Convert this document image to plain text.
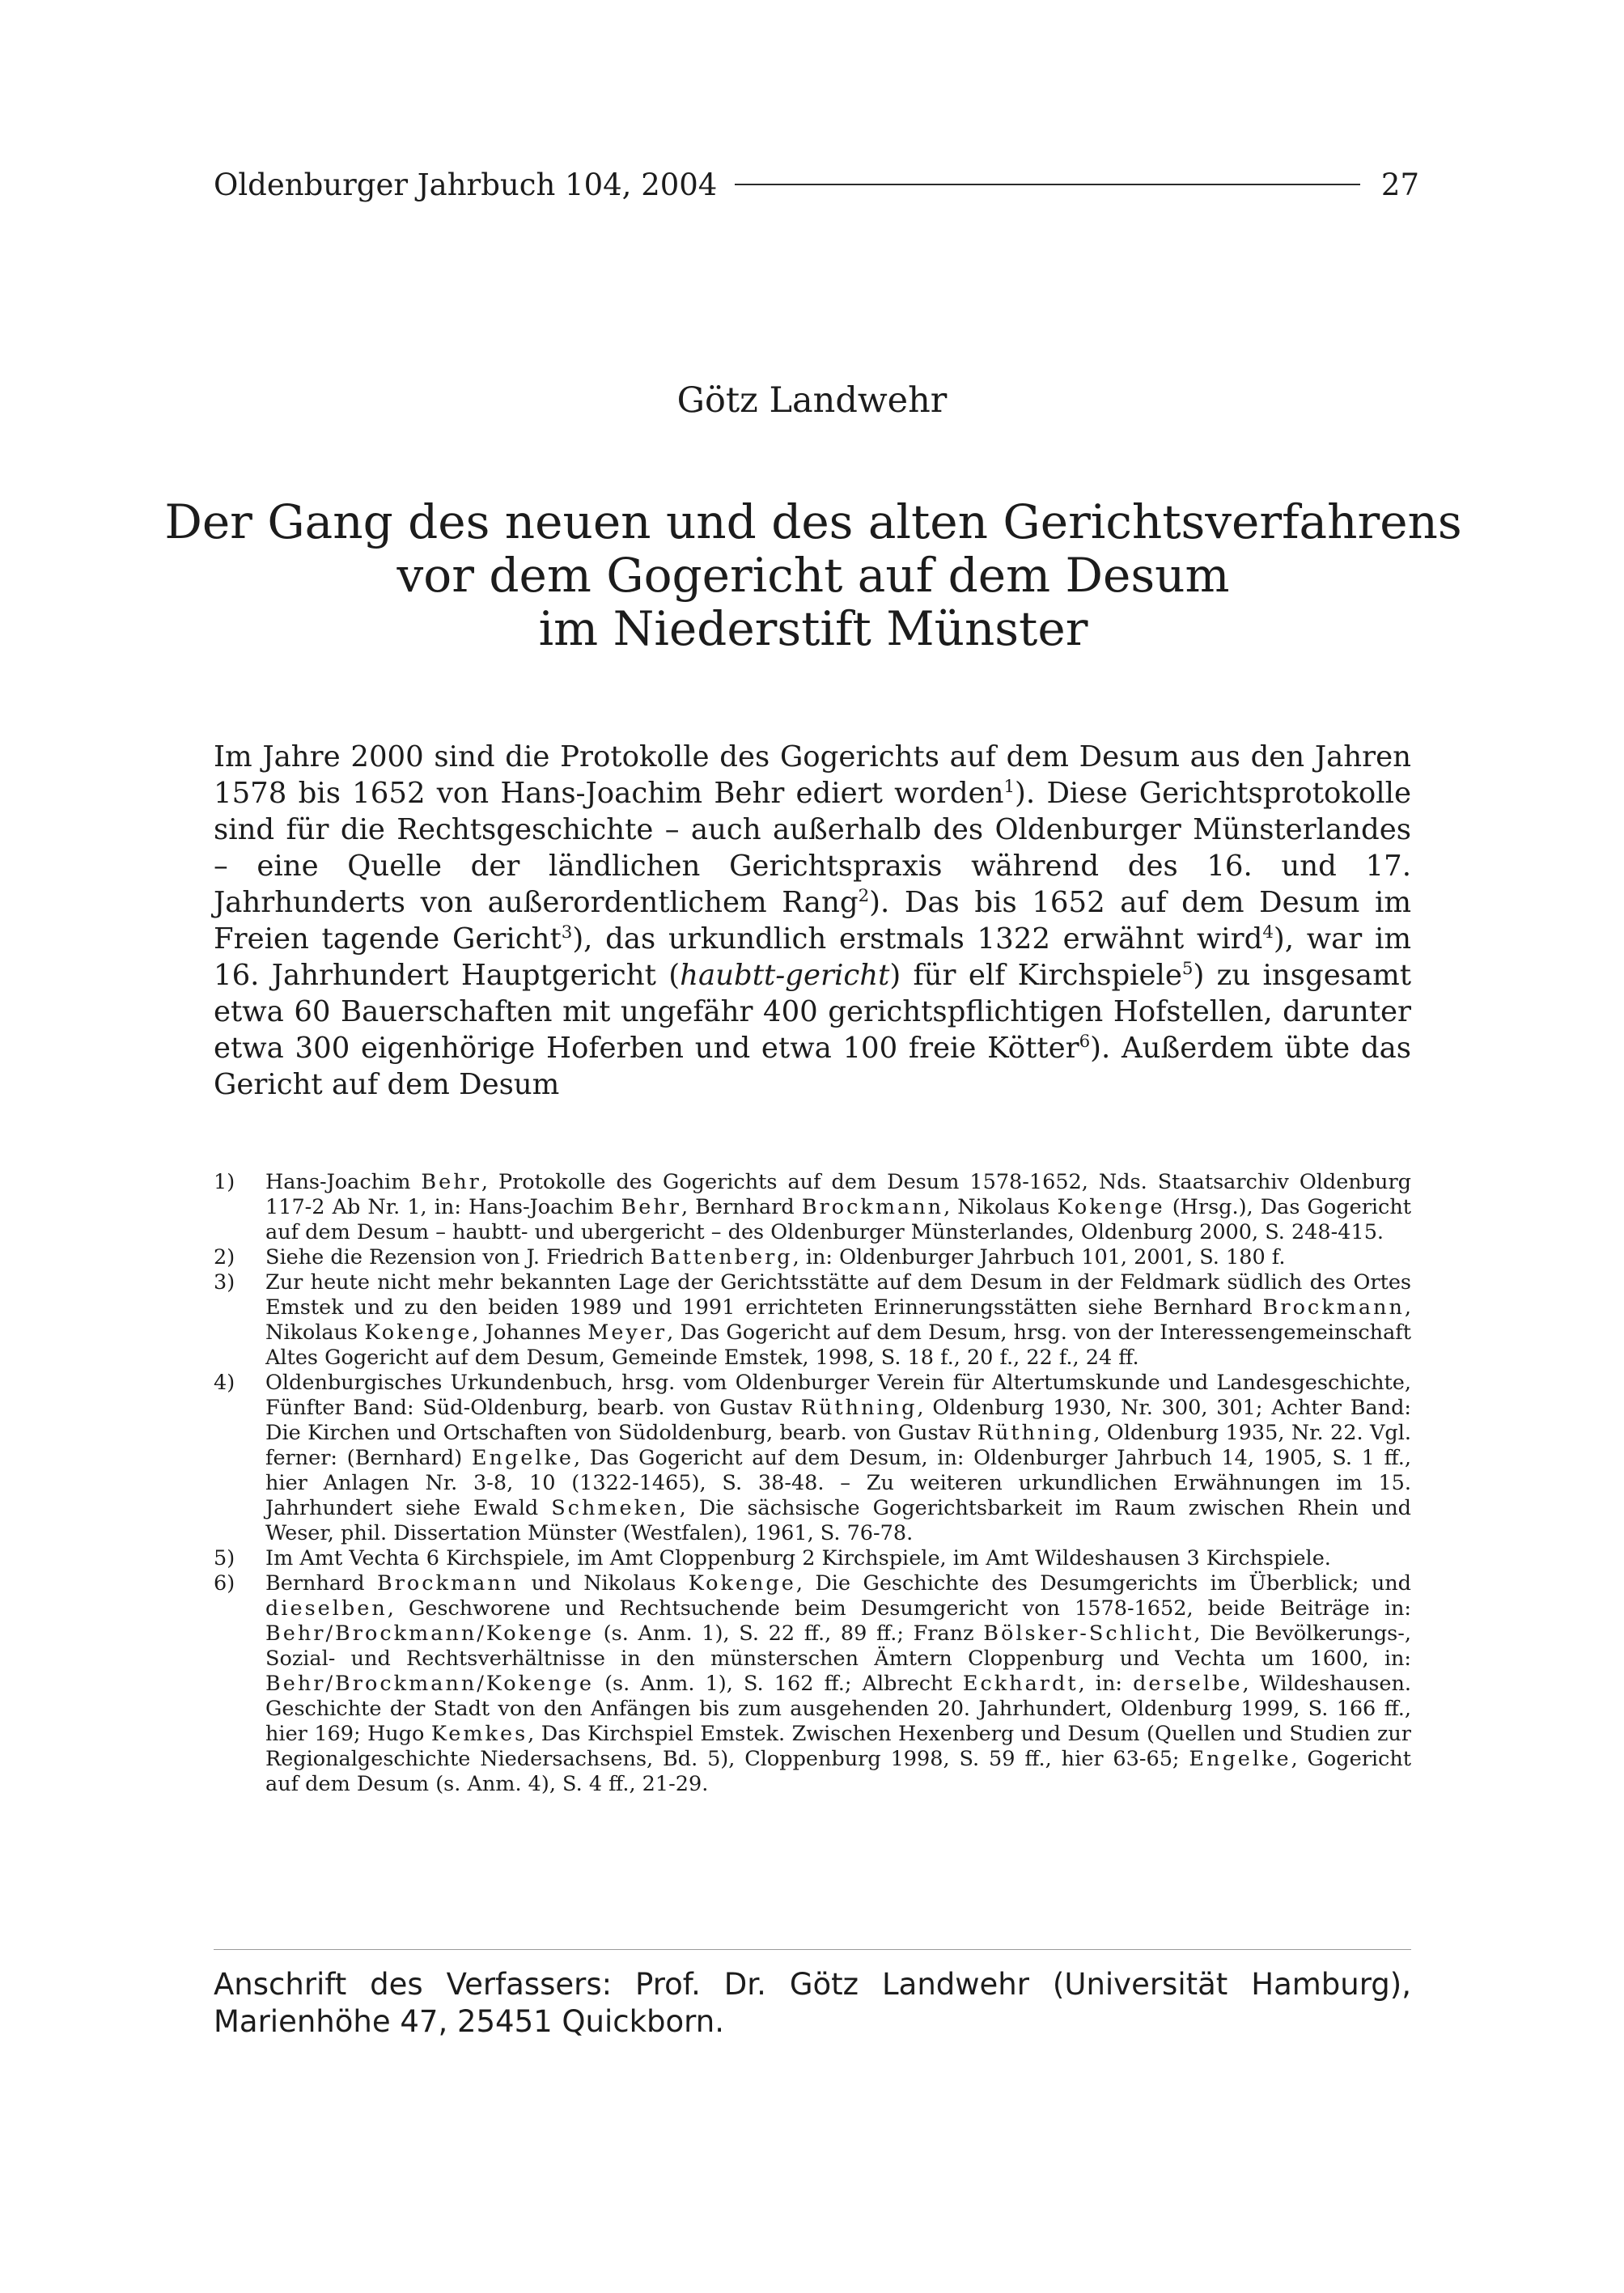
Oldenburger Jahrbuch 104, 2004	27
Götz Landwehr
Der Gang des neuen und des alten Gerichtsverfahrens
vor dem Gogericht auf dem Desum
im Niederstift Münster

Im Jahre 2000 sind die Protokolle des Gogerichts auf dem Desum aus den Jahren 1578 bis 1652 von Hans-Joachim Behr ediert worden$^1$). Diese Gerichtsprotokolle sind für die Rechtsgeschichte – auch außerhalb des Oldenburger Münsterlandes – eine Quelle der ländlichen Gerichtspraxis während des 16. und 17. Jahrhunderts von außerordentlichem Rang$^2$). Das bis 1652 auf dem Desum im Freien tagende Gericht$^3$), das urkundlich erstmals 1322 erwähnt wird$^4$), war im 16. Jahrhundert Hauptgericht (haubtt-gericht) für elf Kirchspiele$^5$) zu insgesamt etwa 60 Bauerschaften mit ungefähr 400 gerichtspflichtigen Hofstellen, darunter etwa 300 eigenhörige Hoferben und etwa 100 freie Kötter$^6$). Außerdem übte das Gericht auf dem Desum

1)	Hans-Joachim Behr, Protokolle des Gogerichts auf dem Desum 1578-1652, Nds. Staatsarchiv Oldenburg 117-2 Ab Nr. 1, in: Hans-Joachim Behr, Bernhard Brockmann, Nikolaus Kokenge (Hrsg.), Das Gogericht auf dem Desum – haubtt- und ubergericht – des Oldenburger Münsterlandes, Oldenburg 2000, S. 248-415.
2)	Siehe die Rezension von J. Friedrich Battenberg, in: Oldenburger Jahrbuch 101, 2001, S. 180 f.
3)	Zur heute nicht mehr bekannten Lage der Gerichtsstätte auf dem Desum in der Feldmark südlich des Ortes Emstek und zu den beiden 1989 und 1991 errichteten Erinnerungsstätten siehe Bernhard Brockmann, Nikolaus Kokenge, Johannes Meyer, Das Gogericht auf dem Desum, hrsg. von der Interessengemeinschaft Altes Gogericht auf dem Desum, Gemeinde Emstek, 1998, S. 18 f., 20 f., 22 f., 24 ff.
4)	Oldenburgisches Urkundenbuch, hrsg. vom Oldenburger Verein für Altertumskunde und Landesgeschichte, Fünfter Band: Süd-Oldenburg, bearb. von Gustav Rüthning, Oldenburg 1930, Nr. 300, 301; Achter Band: Die Kirchen und Ortschaften von Südoldenburg, bearb. von Gustav Rüthning, Oldenburg 1935, Nr. 22. Vgl. ferner: (Bernhard) Engelke, Das Gogericht auf dem Desum, in: Oldenburger Jahrbuch 14, 1905, S. 1 ff., hier Anlagen Nr. 3-8, 10 (1322-1465), S. 38-48. – Zu weiteren urkundlichen Erwähnungen im 15. Jahrhundert siehe Ewald Schmeken, Die sächsische Gogerichtsbarkeit im Raum zwischen Rhein und Weser, phil. Dissertation Münster (Westfalen), 1961, S. 76-78.
5)	Im Amt Vechta 6 Kirchspiele, im Amt Cloppenburg 2 Kirchspiele, im Amt Wildeshausen 3 Kirchspiele.
6)	Bernhard Brockmann und Nikolaus Kokenge, Die Geschichte des Desumgerichts im Überblick; und dieselben, Geschworene und Rechtsuchende beim Desumgericht von 1578-1652, beide Beiträge in: Behr/Brockmann/Kokenge (s. Anm. 1), S. 22 ff., 89 ff.; Franz Bölsker-Schlicht, Die Bevölkerungs-, Sozial- und Rechtsverhältnisse in den münsterschen Ämtern Cloppenburg und Vechta um 1600, in: Behr/Brockmann/Kokenge (s. Anm. 1), S. 162 ff.; Albrecht Eckhardt, in: derselbe, Wildeshausen. Geschichte der Stadt von den Anfängen bis zum ausgehenden 20. Jahrhundert, Oldenburg 1999, S. 166 ff., hier 169; Hugo Kemkes, Das Kirchspiel Emstek. Zwischen Hexenberg und Desum (Quellen und Studien zur Regionalgeschichte Niedersachsens, Bd. 5), Cloppenburg 1998, S. 59 ff., hier 63-65; Engelke, Gogericht auf dem Desum (s. Anm. 4), S. 4 ff., 21-29.
Anschrift des Verfassers: Prof. Dr. Götz Landwehr (Universität Hamburg), Marienhöhe 47, 25451 Quickborn.
